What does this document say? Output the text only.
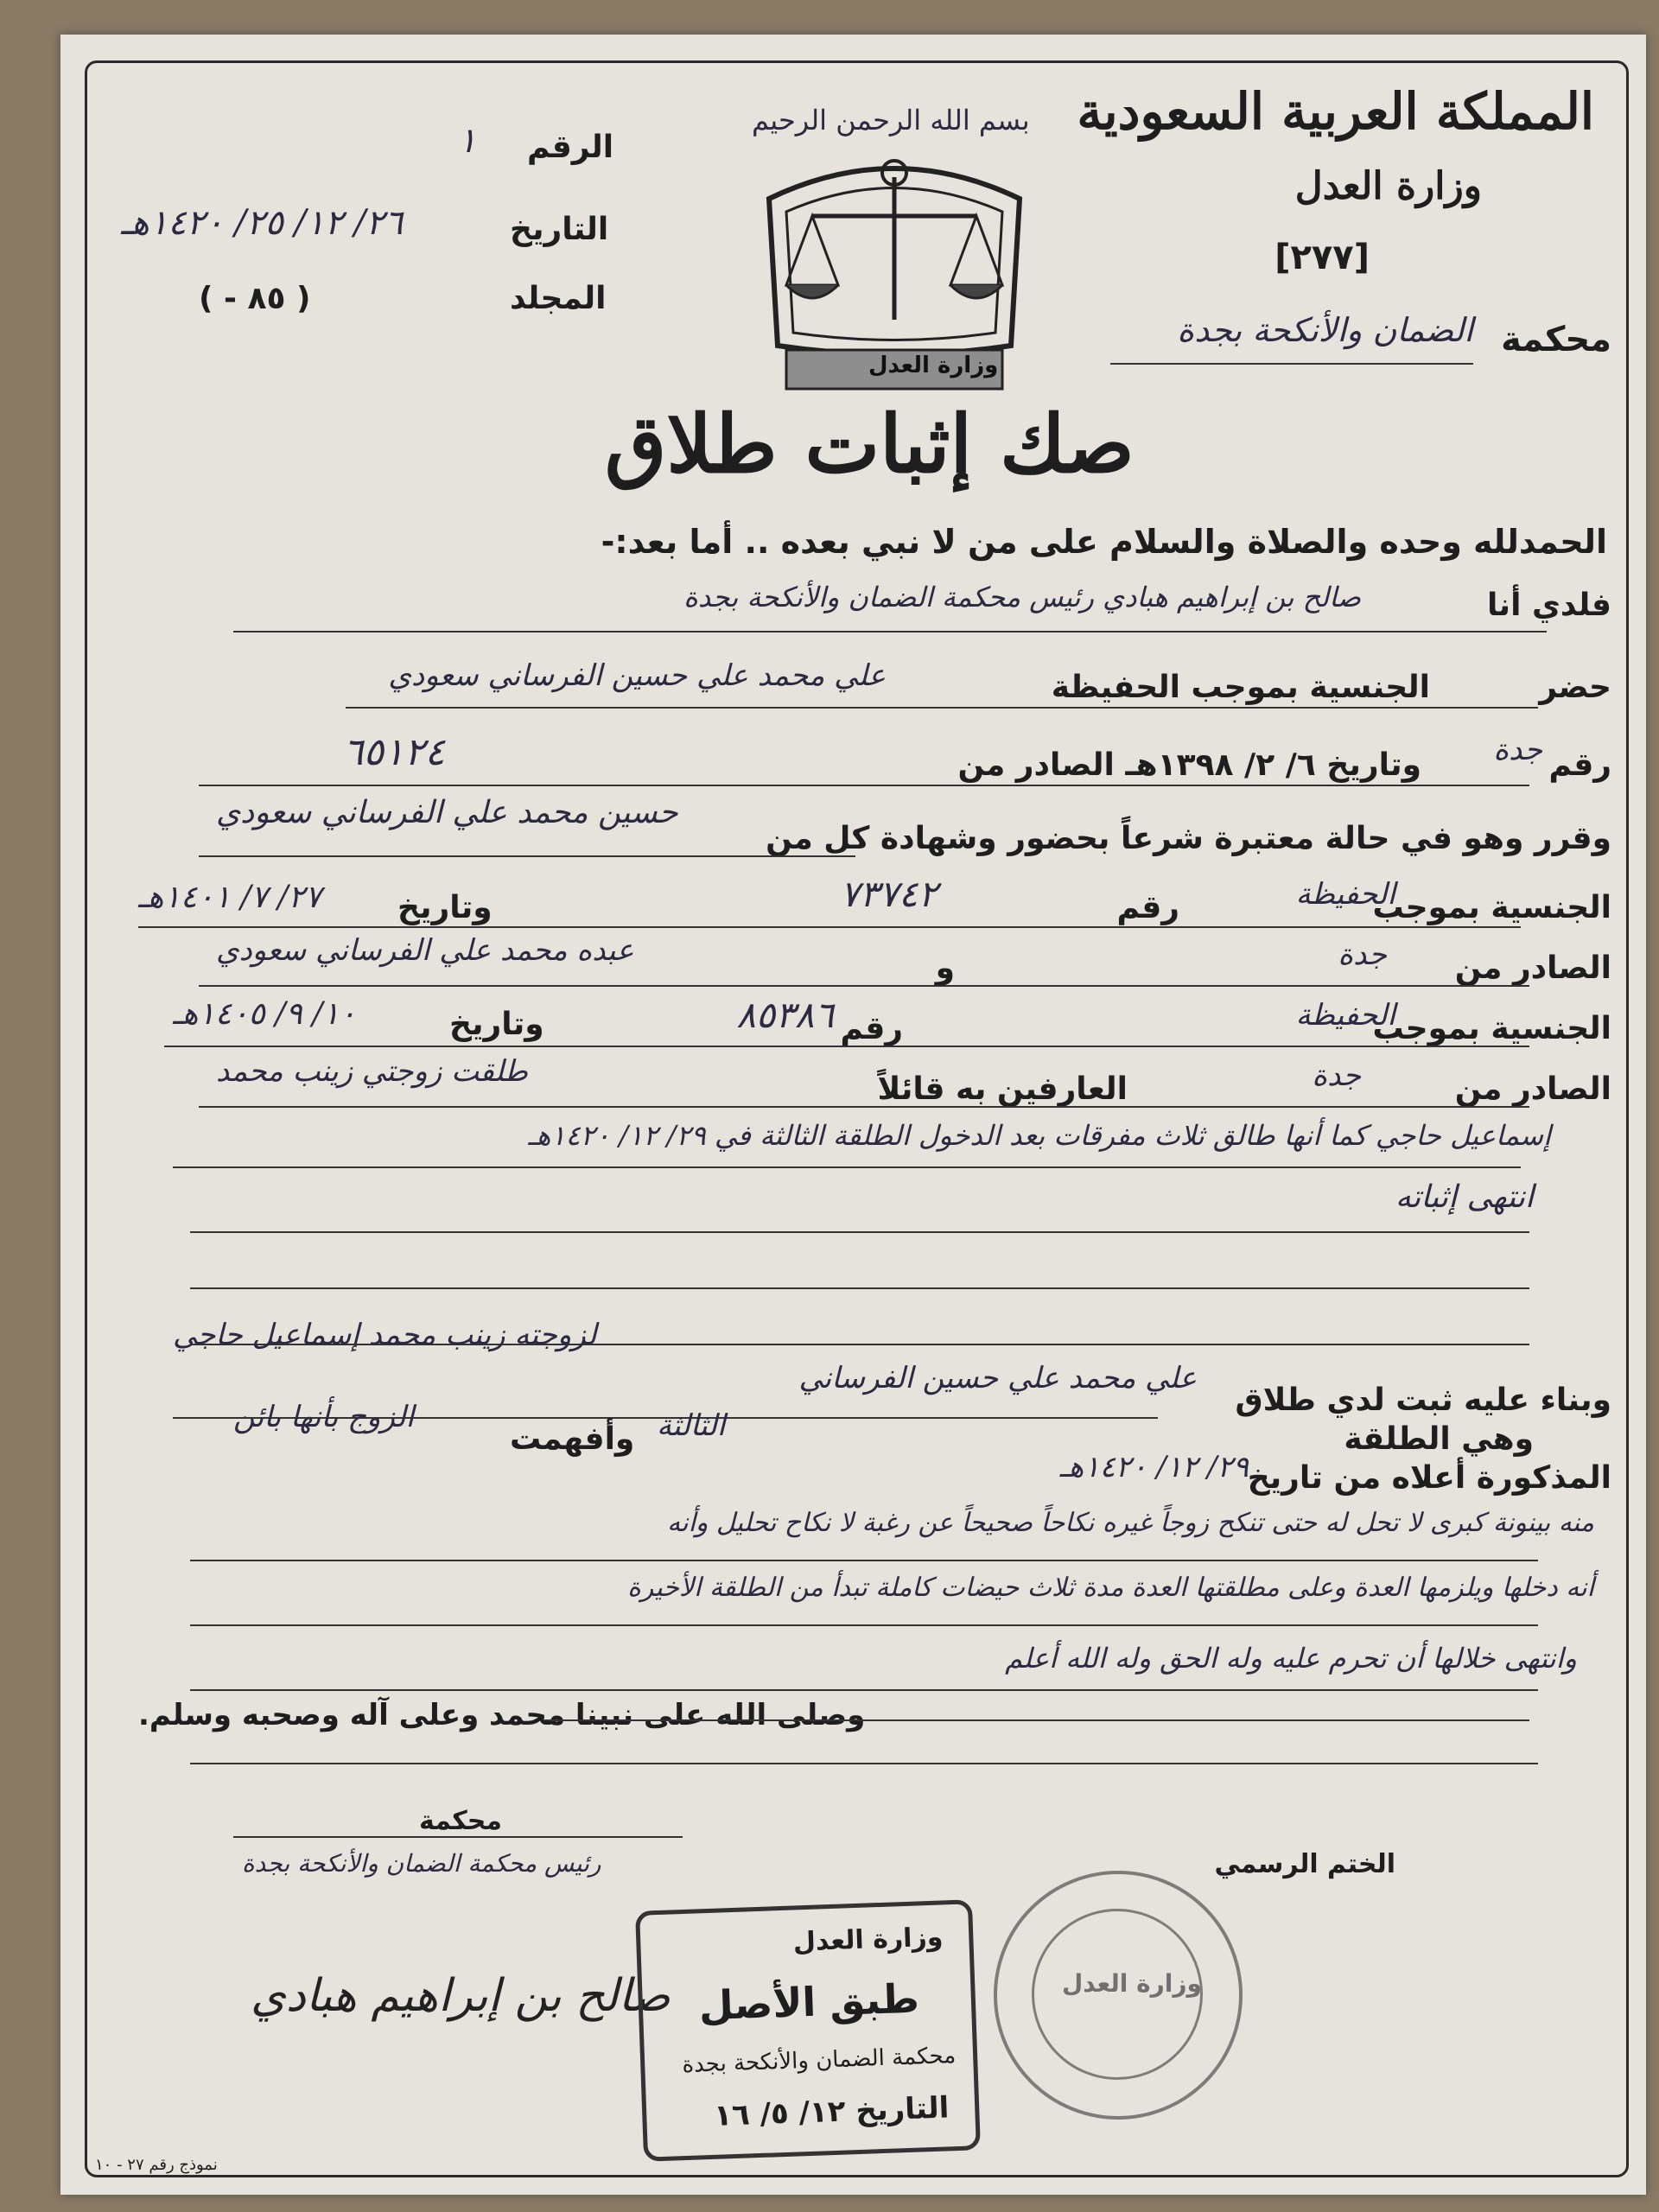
المملكة العربية السعودية
وزارة العدل
[٢٧٧]
محكمة
الضمان والأنكحة بجدة
بسم الله الرحمن الرحيم
وزارة العدل
الرقم
١
التاريخ
٢٦/ ١٢/ ٢٥/ ١٤٢٠هـ
المجلد
( ٨٥ - )
صك إثبات طلاق
الحمدلله وحده والصلاة والسلام على من لا نبي بعده .. أما بعد:-
فلدي أنا
صالح بن إبراهيم هبادي رئيس محكمة الضمان والأنكحة بجدة
حضر
علي محمد علي حسين الفرساني سعودي	الجنسية بموجب الحفيظة
رقم
٦٥١٢٤	وتاريخ ٦/ ٢/ ١٣٩٨هـ الصادر من جدة
وقرر وهو في حالة معتبرة شرعاً بحضور وشهادة كل من
حسين محمد علي الفرساني سعودي
الجنسية بموجب
الحفيظة
رقم
٧٣٧٤٢
وتاريخ
٢٧/ ٧/ ١٤٠١هـ
الصادر من
جدة
و
عبده محمد علي الفرساني سعودي
الجنسية بموجب
الحفيظة
رقم
٨٥٣٨٦
وتاريخ
١٠/ ٩/ ١٤٠٥هـ
الصادر من
جدة
العارفين به قائلاً
طلقت زوجتي زينب محمد
إسماعيل حاجي كما أنها طالق ثلاث مفرقات بعد الدخول الطلقة الثالثة في ٢٩/ ١٢/ ١٤٢٠هـ
انتهى إثباته
وبناء عليه ثبت لدي طلاق
علي محمد علي حسين الفرساني
لزوجته زينب محمد إسماعيل حاجي
المذكورة أعلاه من تاريخ
٢٩/ ١٢/ ١٤٢٠هـ
وهي الطلقة
الثالثة
وأفهمت
الزوج بأنها بائن
منه بينونة كبرى لا تحل له حتى تنكح زوجاً غيره نكاحاً صحيحاً عن رغبة لا نكاح تحليل وأنه
أنه دخلها ويلزمها العدة وعلى مطلقتها العدة مدة ثلاث حيضات كاملة تبدأ من الطلقة الأخيرة
وانتهى خلالها أن تحرم عليه وله الحق وله الله أعلم
وصلى الله على نبينا محمد وعلى آله وصحبه وسلم.
محكمة
الختم الرسمي
رئيس محكمة الضمان والأنكحة بجدة
صالح بن إبراهيم هبادي
وزارة العدل
طبق الأصل
محكمة الضمان والأنكحة بجدة
التاريخ ١٢/ ٥/ ١٦
وزارة العدل
نموذج رقم ٢٧ - ١٠
